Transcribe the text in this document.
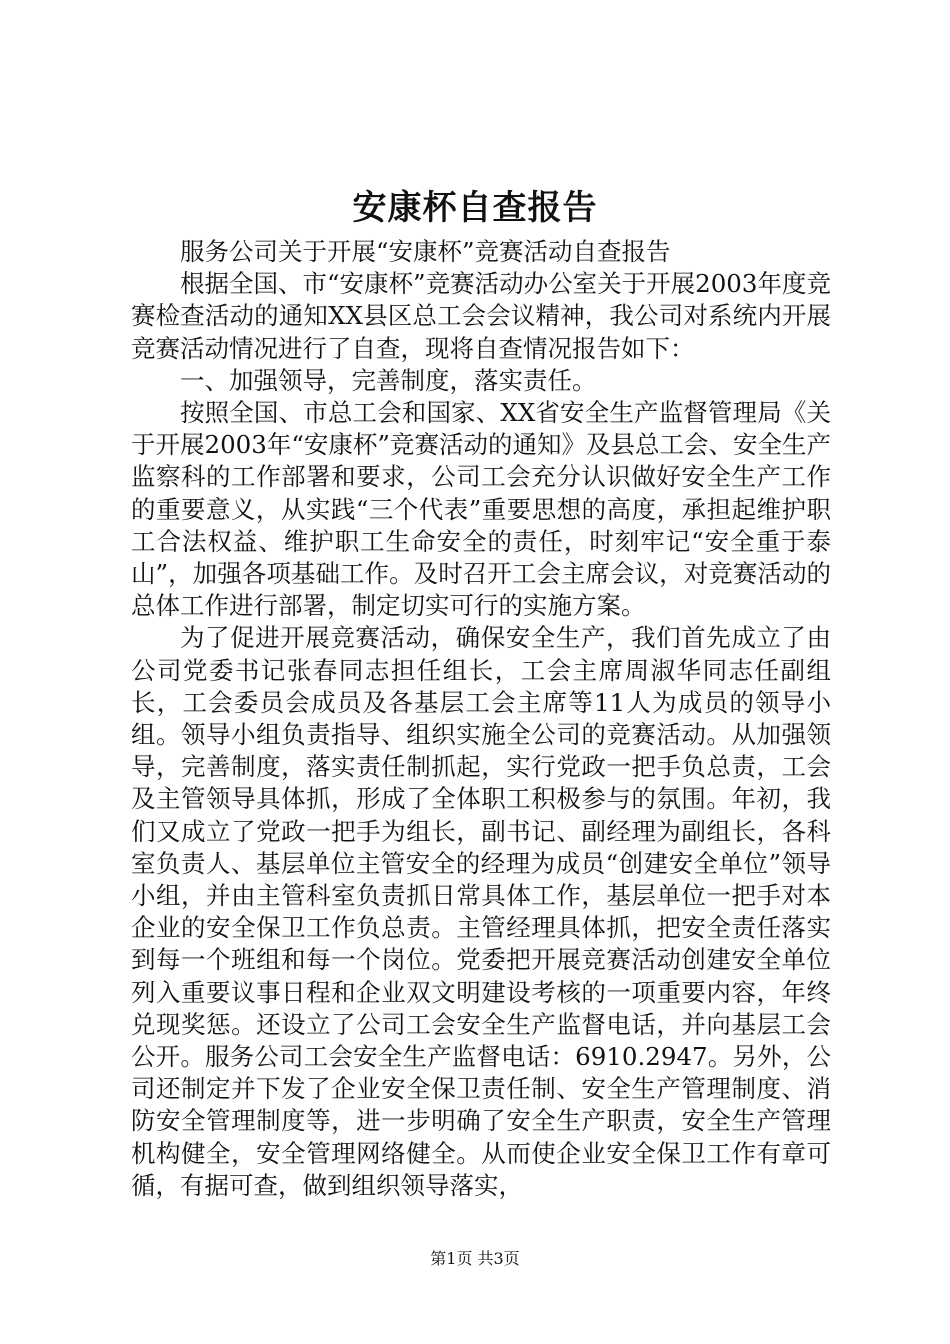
安康杯自查报告

服务公司关于开展“安康杯”竞赛活动自查报告

根据全国、市“安康杯”竞赛活动办公室关于开展2003年度竞赛检查活动的通知XX县区总工会会议精神，我公司对系统内开展竞赛活动情况进行了自查，现将自查情况报告如下：

一、加强领导，完善制度，落实责任。

按照全国、市总工会和国家、XX省安全生产监督管理局《关于开展2003年“安康杯”竞赛活动的通知》及县总工会、安全生产监察科的工作部署和要求，公司工会充分认识做好安全生产工作的重要意义，从实践“三个代表”重要思想的高度，承担起维护职工合法权益、维护职工生命安全的责任，时刻牢记“安全重于泰山”，加强各项基础工作。及时召开工会主席会议，对竞赛活动的总体工作进行部署，制定切实可行的实施方案。

为了促进开展竞赛活动，确保安全生产，我们首先成立了由公司党委书记张春同志担任组长，工会主席周淑华同志任副组长，工会委员会成员及各基层工会主席等11人为成员的领导小组。领导小组负责指导、组织实施全公司的竞赛活动。从加强领导，完善制度，落实责任制抓起，实行党政一把手负总责，工会及主管领导具体抓，形成了全体职工积极参与的氛围。年初，我们又成立了党政一把手为组长，副书记、副经理为副组长，各科室负责人、基层单位主管安全的经理为成员“创建安全单位”领导小组，并由主管科室负责抓日常具体工作，基层单位一把手对本企业的安全保卫工作负总责。主管经理具体抓，把安全责任落实到每一个班组和每一个岗位。党委把开展竞赛活动创建安全单位列入重要议事日程和企业双文明建设考核的一项重要内容，年终兑现奖惩。还设立了公司工会安全生产监督电话，并向基层工会公开。服务公司工会安全生产监督电话：6910.2947。另外，公司还制定并下发了企业安全保卫责任制、安全生产管理制度、消防安全管理制度等，进一步明确了安全生产职责，安全生产管理机构健全，安全管理网络健全。从而使企业安全保卫工作有章可循，有据可查，做到组织领导落实，

第1页 共3页
